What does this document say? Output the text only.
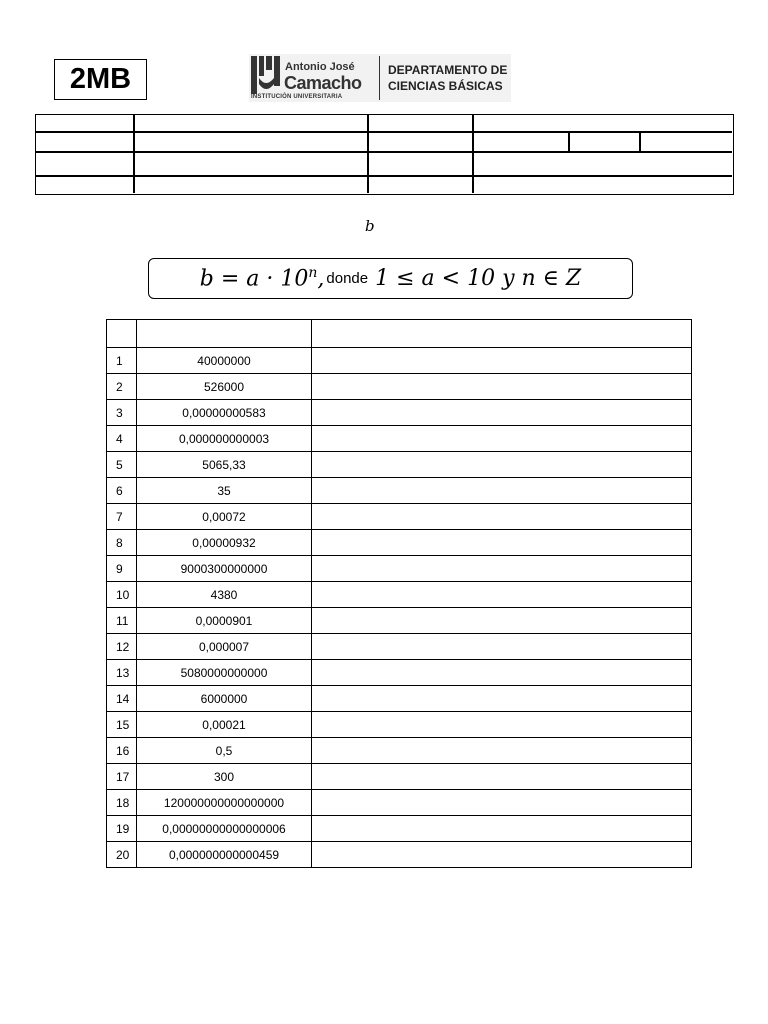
2MB	Antonio José
Camacho
INSTITUCIÓN UNIVERSITARIA
DEPARTAMENTO DE
CIENCIAS BÁSICAS
b
$b = a \cdot 10^n$, donde 1 ≤ a < 10 y n ∈ Z

1	40000000	
2	526000	
3	0,00000000583	
4	0,000000000003	
5	5065,33	
6	35	
7	0,00072	
8	0,00000932	
9	9000300000000	
10	4380	
11	0,0000901	
12	0,000007	
13	5080000000000	
14	6000000	
15	0,00021	
16	0,5	
17	300	
18	120000000000000000	
19	0,00000000000000006	
20	0,000000000000459	
